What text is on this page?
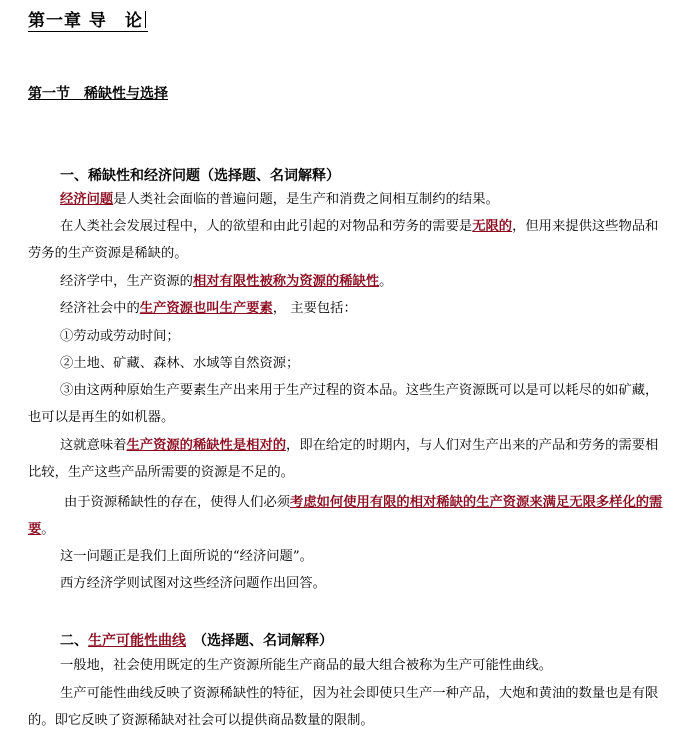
第一章 导　论
第一节　稀缺性与选择
一、稀缺性和经济问题（选择题、名词解释）
经济问题是人类社会面临的普遍问题，是生产和消费之间相互制约的结果。
在人类社会发展过程中，人的欲望和由此引起的对物品和劳务的需要是无限的，但用来提供这些物品和劳务的生产资源是稀缺的。
经济学中，生产资源的相对有限性被称为资源的稀缺性。
经济社会中的生产资源也叫生产要素， 主要包括：
①劳动或劳动时间；
②土地、矿藏、森林、水域等自然资源；
③由这两种原始生产要素生产出来用于生产过程的资本品。这些生产资源既可以是可以耗尽的如矿藏，也可以是再生的如机器。
这就意味着生产资源的稀缺性是相对的，即在给定的时期内，与人们对生产出来的产品和劳务的需要相比较，生产这些产品所需要的资源是不足的。
由于资源稀缺性的存在，使得人们必须考虑如何使用有限的相对稀缺的生产资源来满足无限多样化的需要。
这一问题正是我们上面所说的“经济问题”。
西方经济学则试图对这些经济问题作出回答。
二、生产可能性曲线　（选择题、名词解释）
一般地，社会使用既定的生产资源所能生产商品的最大组合被称为生产可能性曲线。
生产可能性曲线反映了资源稀缺性的特征，因为社会即使只生产一种产品，大炮和黄油的数量也是有限的。即它反映了资源稀缺对社会可以提供商品数量的限制。
